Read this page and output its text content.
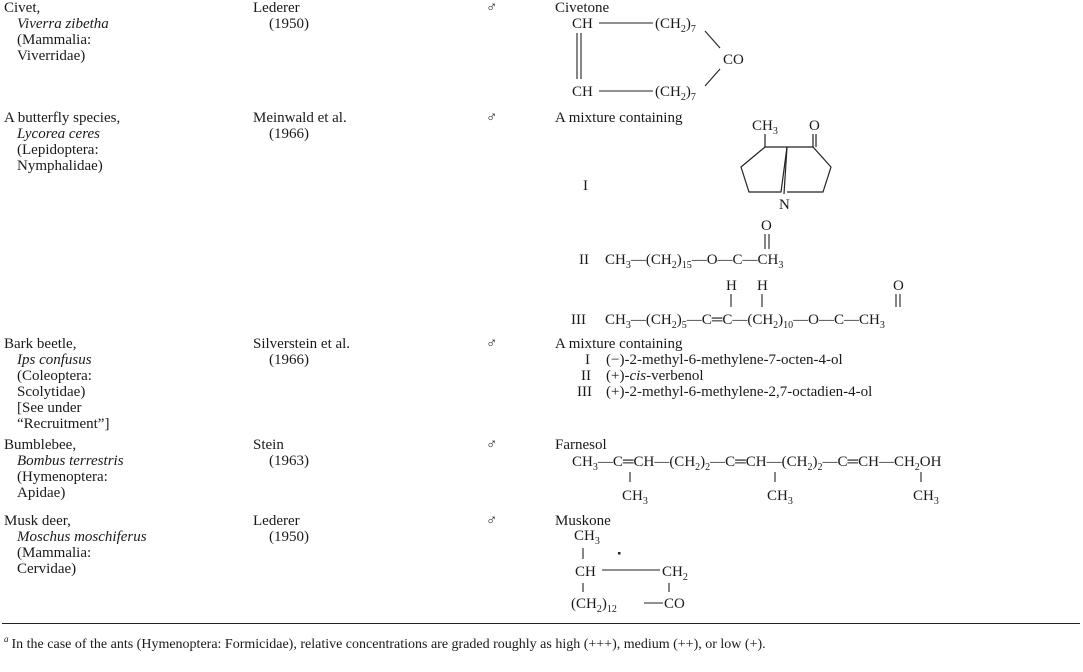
Civet,
Viverra zibetha
(Mammalia:
Viverridae)
Lederer
(1950)
♂	Civetone
CH	$(CH_2)_7$
CO
CH	$(CH_2)_7$
A butterfly species,
Lycorea ceres
(Lepidoptera:
Nymphalidae)
Meinwald et al.
(1966)
♂	A mixture containing
I
$CH_3$ O
N
O
II $CH_3—(CH_2)_{15}—O—C—CH_3$
H H	O
III $CH_3—(CH_2)_5—C═C—(CH_2)_{10}—O—C—CH_3$
Bark beetle,
Ips confusus
(Coleoptera:
Scolytidae)
[See under
“Recruitment”]
Silverstein et al.
(1966)
♂	A mixture containing
I (−)-2-methyl-6-methylene-7-octen-4-ol
II (+)-cis-verbenol
III (+)-2-methyl-6-methylene-2,7-octadien-4-ol
Bumblebee,
Bombus terrestris
(Hymenoptera:
Apidae)
Stein
(1963)
♂	Farnesol
$CH_3—C═CH—(CH_2)_2—C═CH—(CH_2)_2—C═CH—CH_2OH$
$CH_3$	$CH_3$	$CH_3$
Musk deer,
Moschus moschiferus
(Mammalia:
Cervidae)
Lederer
(1950)
♂	Muskone
$CH_3$
CH	$CH_2$
$(CH_2)_{12}$	CO
$^a$ In the case of the ants (Hymenoptera: Formicidae), relative concentrations are graded roughly as high (+++), medium (++), or low (+).
